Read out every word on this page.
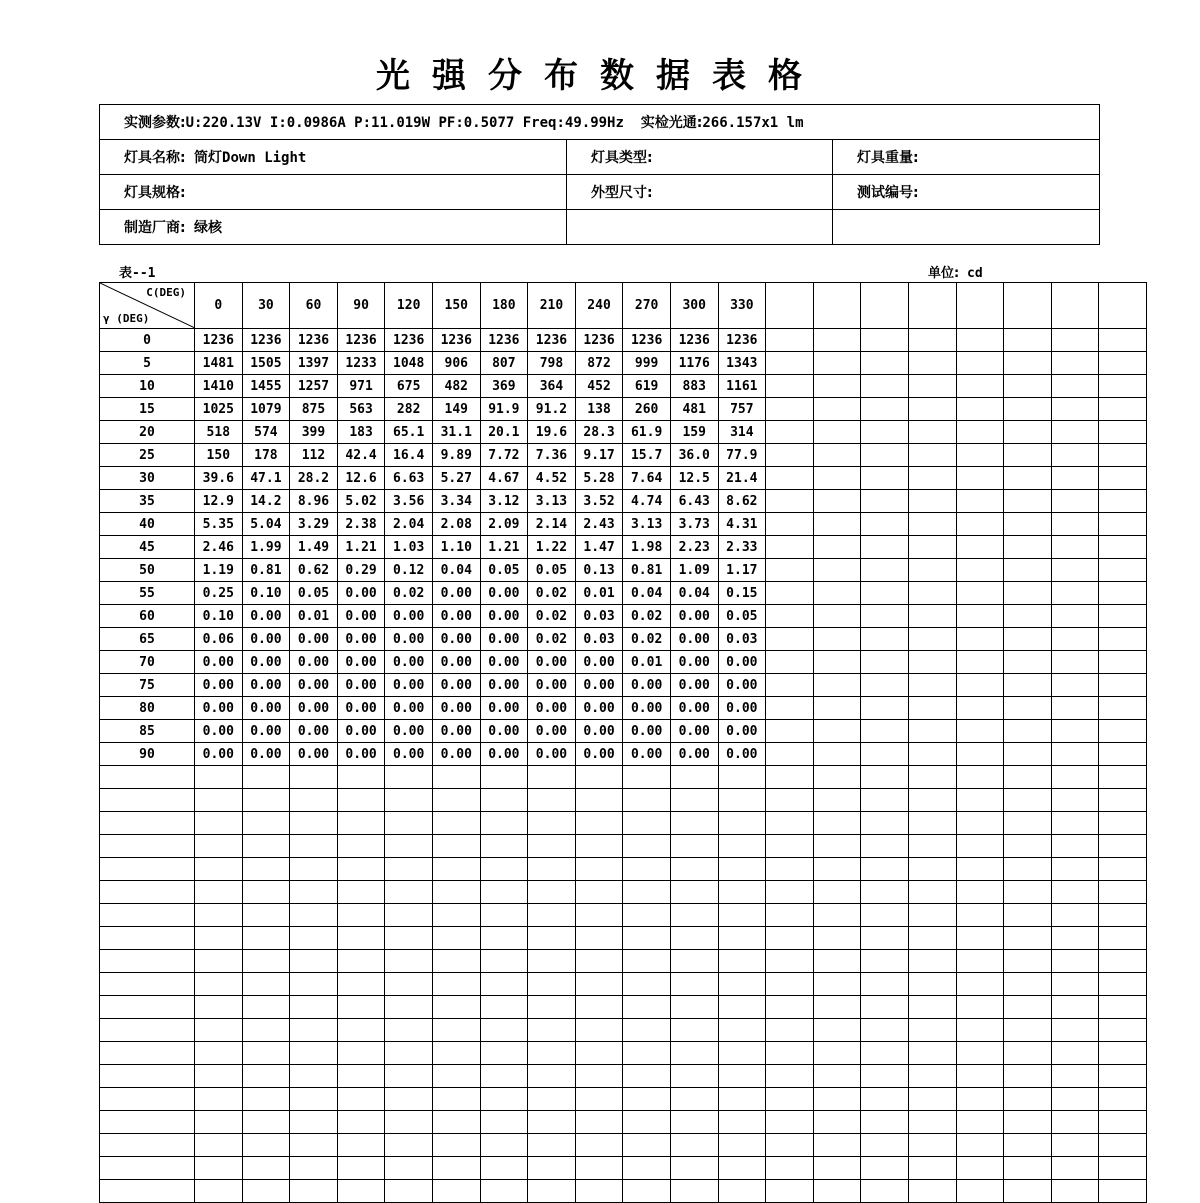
光强分布数据表格
实测参数:U:220.13V I:0.0986A P:11.019W PF:0.5077 Freq:49.99Hz 实检光通:266.157x1 lm		
灯具名称: 筒灯Down Light	灯具类型:	灯具重量:
灯具规格:	外型尺寸:	测试编号:
制造厂商: 绿核		
表--1	单位: cd
C(DEG)
γ (DEG)	0	30	60	90	120	150	180	210	240	270	300	330								
0	1236	1236	1236	1236	1236	1236	1236	1236	1236	1236	1236	1236								
5	1481	1505	1397	1233	1048	906	807	798	872	999	1176	1343								
10	1410	1455	1257	971	675	482	369	364	452	619	883	1161								
15	1025	1079	875	563	282	149	91.9	91.2	138	260	481	757								
20	518	574	399	183	65.1	31.1	20.1	19.6	28.3	61.9	159	314								
25	150	178	112	42.4	16.4	9.89	7.72	7.36	9.17	15.7	36.0	77.9								
30	39.6	47.1	28.2	12.6	6.63	5.27	4.67	4.52	5.28	7.64	12.5	21.4								
35	12.9	14.2	8.96	5.02	3.56	3.34	3.12	3.13	3.52	4.74	6.43	8.62								
40	5.35	5.04	3.29	2.38	2.04	2.08	2.09	2.14	2.43	3.13	3.73	4.31								
45	2.46	1.99	1.49	1.21	1.03	1.10	1.21	1.22	1.47	1.98	2.23	2.33								
50	1.19	0.81	0.62	0.29	0.12	0.04	0.05	0.05	0.13	0.81	1.09	1.17								
55	0.25	0.10	0.05	0.00	0.02	0.00	0.00	0.02	0.01	0.04	0.04	0.15								
60	0.10	0.00	0.01	0.00	0.00	0.00	0.00	0.02	0.03	0.02	0.00	0.05								
65	0.06	0.00	0.00	0.00	0.00	0.00	0.00	0.02	0.03	0.02	0.00	0.03								
70	0.00	0.00	0.00	0.00	0.00	0.00	0.00	0.00	0.00	0.01	0.00	0.00								
75	0.00	0.00	0.00	0.00	0.00	0.00	0.00	0.00	0.00	0.00	0.00	0.00								
80	0.00	0.00	0.00	0.00	0.00	0.00	0.00	0.00	0.00	0.00	0.00	0.00								
85	0.00	0.00	0.00	0.00	0.00	0.00	0.00	0.00	0.00	0.00	0.00	0.00								
90	0.00	0.00	0.00	0.00	0.00	0.00	0.00	0.00	0.00	0.00	0.00	0.00								
